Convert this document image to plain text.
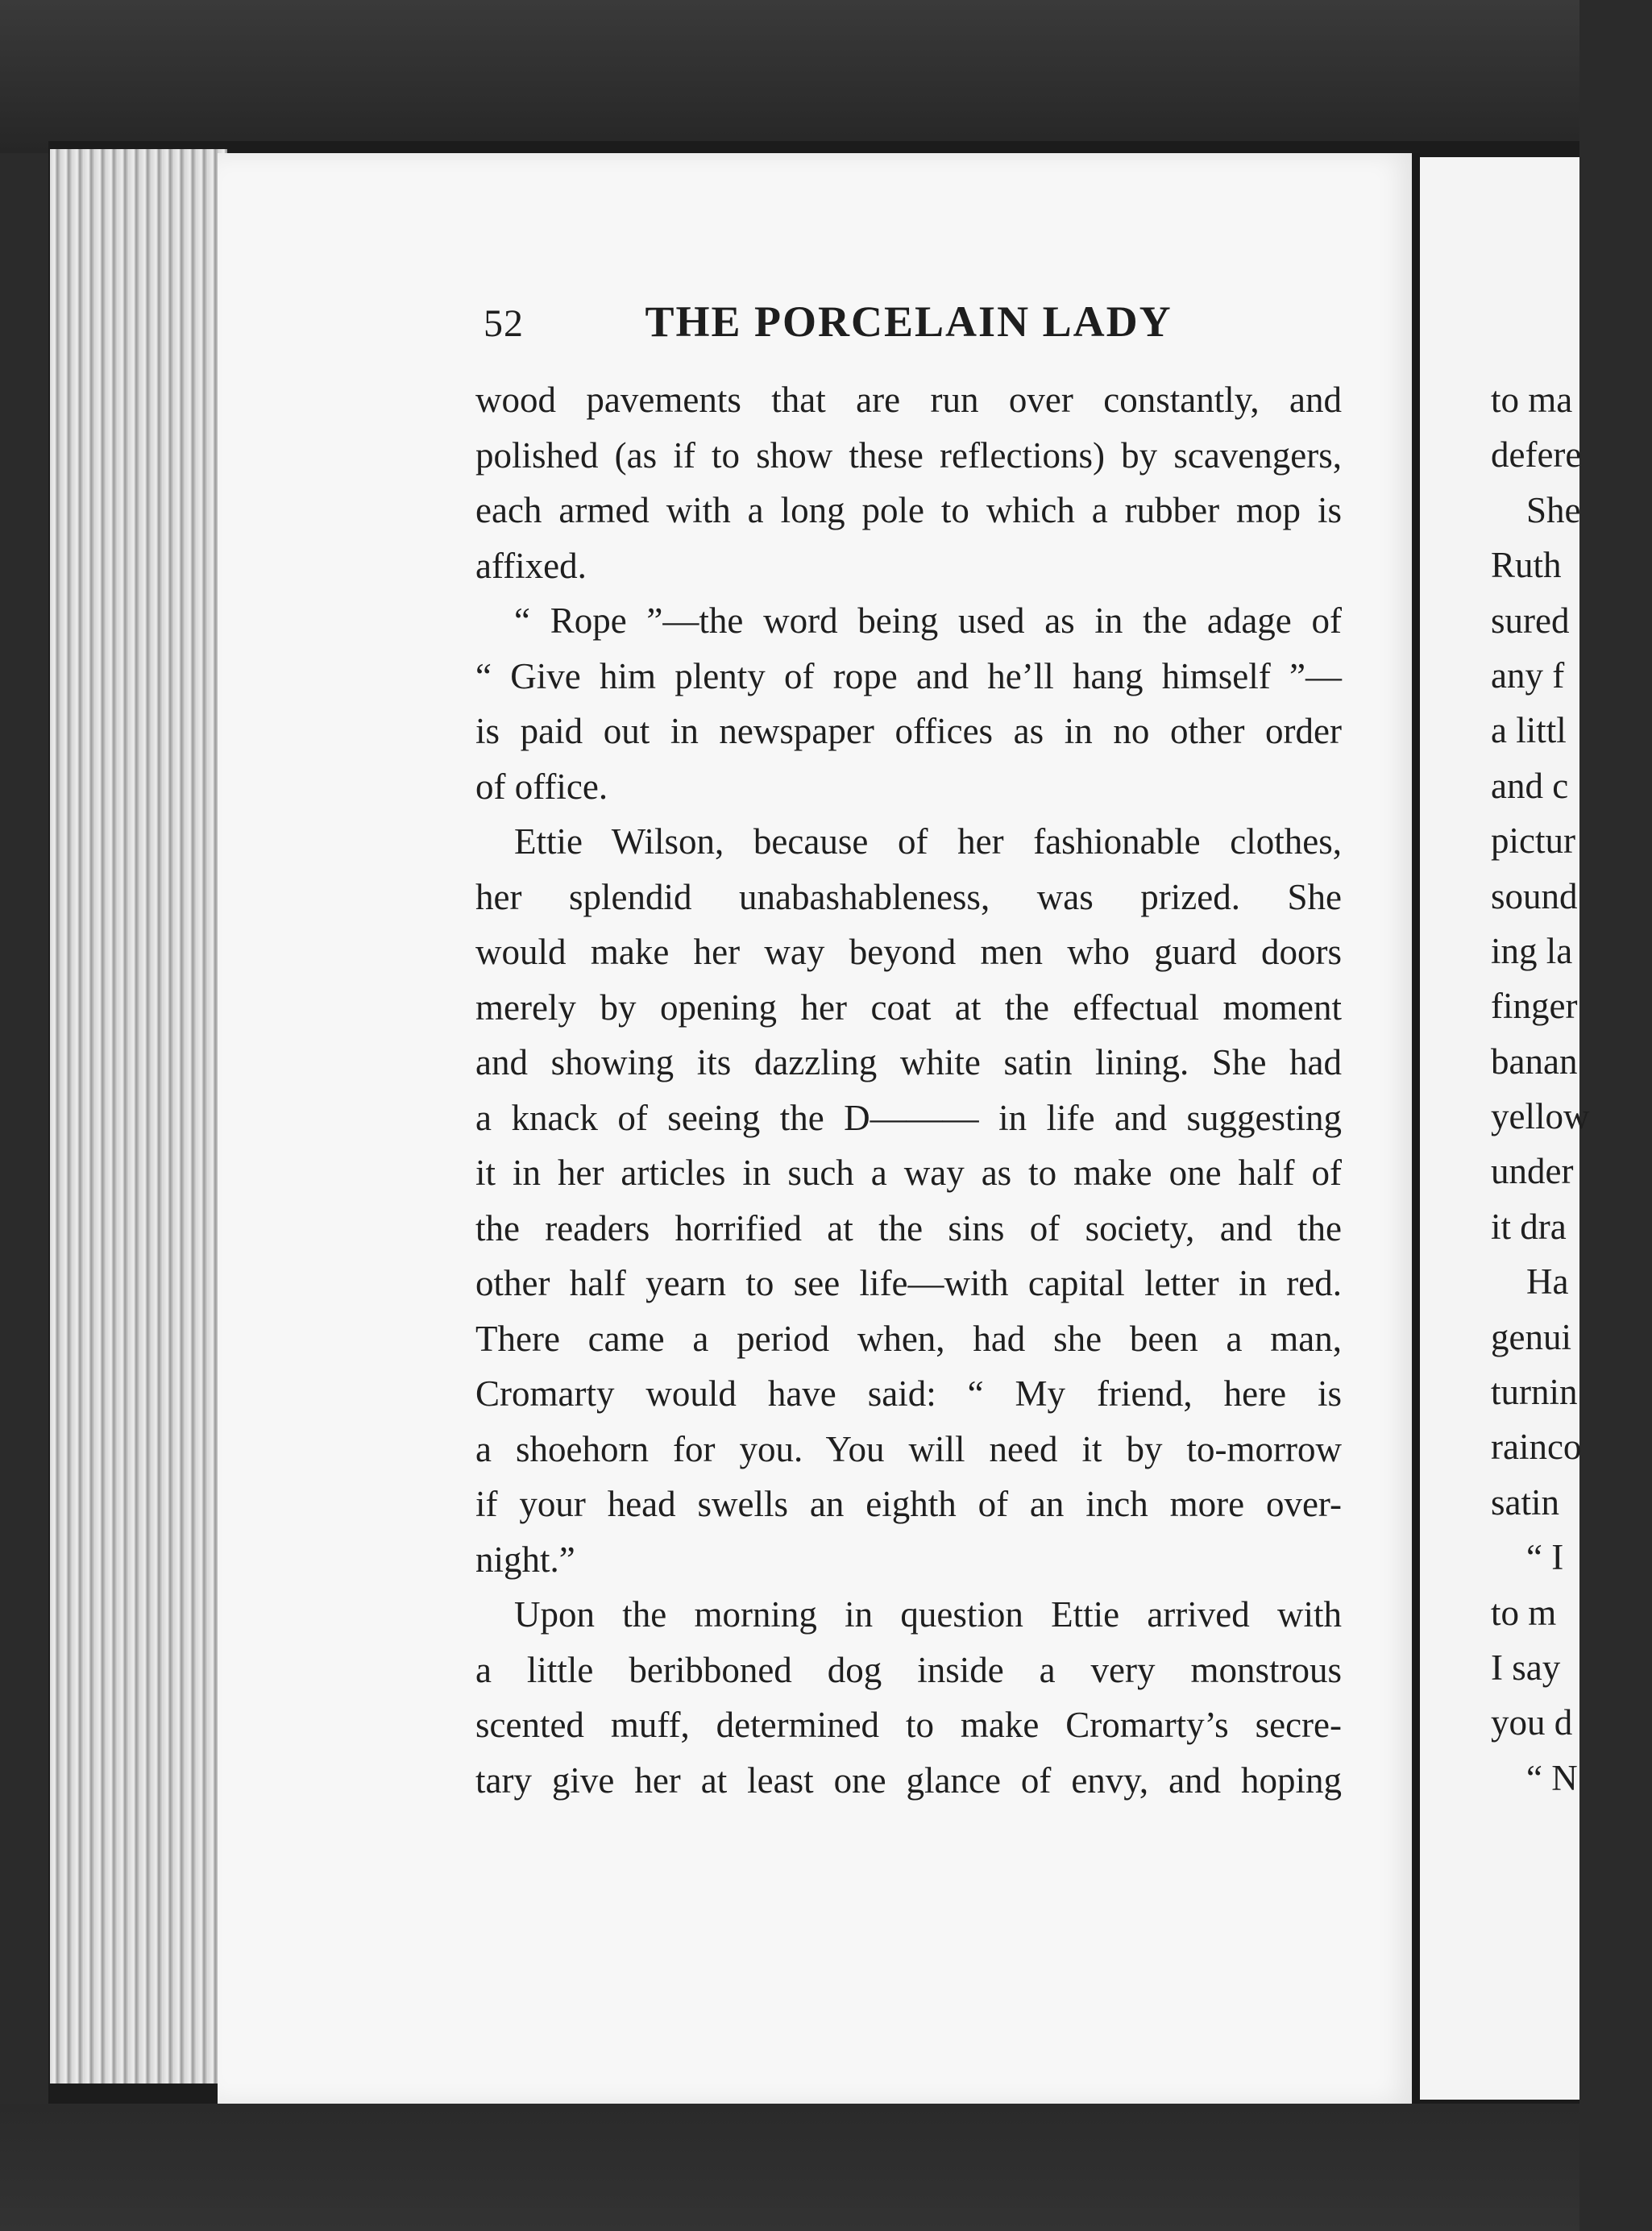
to ma
defere
She
Ruth
sured
any f
a littl
and c
pictur
sound
ing la
finger
banan
yellow
under
it dra
Ha
genui
turnin
rainco
satin
“ I
to m
I say
you d
“ N
52	THE PORCELAIN LADY
wood pavements that are run over constantly, and
polished (as if to show these reflections) by scavengers,
each armed with a long pole to which a rubber mop is
affixed.
“ Rope ”—the word being used as in the adage of
“ Give him plenty of rope and he’ll hang himself ”—
is paid out in newspaper offices as in no other order
of office.
Ettie Wilson, because of her fashionable clothes,
her splendid unabashableness, was prized. She
would make her way beyond men who guard doors
merely by opening her coat at the effectual moment
and showing its dazzling white satin lining. She had
a knack of seeing the D——— in life and suggesting
it in her articles in such a way as to make one half of
the readers horrified at the sins of society, and the
other half yearn to see life—with capital letter in red.
There came a period when, had she been a man,
Cromarty would have said: “ My friend, here is
a shoehorn for you. You will need it by to-morrow
if your head swells an eighth of an inch more over-
night.”
Upon the morning in question Ettie arrived with
a little beribboned dog inside a very monstrous
scented muff, determined to make Cromarty’s secre-
tary give her at least one glance of envy, and hoping
